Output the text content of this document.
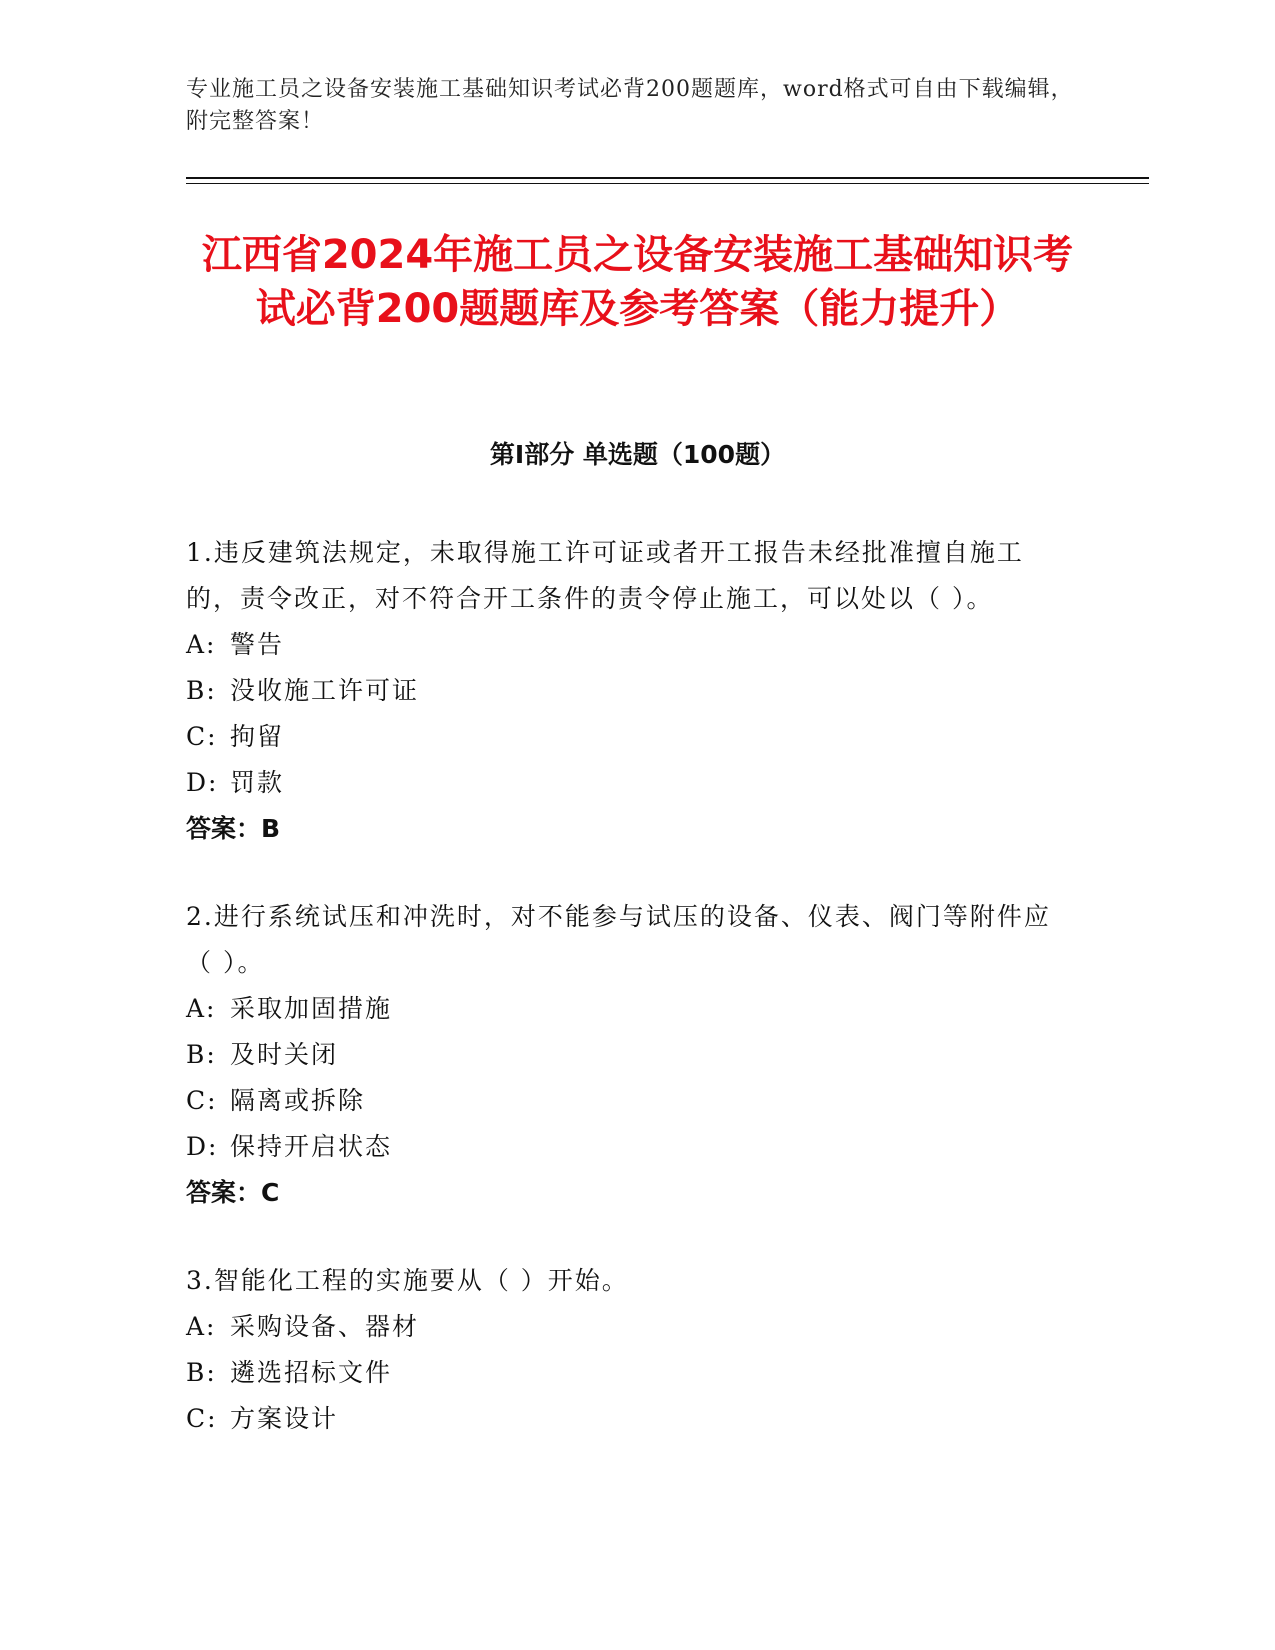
专业施工员之设备安装施工基础知识考试必背200题题库，word格式可自由下载编辑，附完整答案！
江西省2024年施工员之设备安装施工基础知识考试必背200题题库及参考答案（能力提升）
第I部分 单选题（100题）

1.违反建筑法规定，未取得施工许可证或者开工报告未经批准擅自施工的，责令改正，对不符合开工条件的责令停止施工，可以处以（ ）。

A: 警告
B: 没收施工许可证
C: 拘留
D: 罚款

答案：B

2.进行系统试压和冲洗时，对不能参与试压的设备、仪表、阀门等附件应（ ）。

A: 采取加固措施
B: 及时关闭
C: 隔离或拆除
D: 保持开启状态

答案：C

3.智能化工程的实施要从（ ）开始。

A: 采购设备、器材
B: 遴选招标文件
C: 方案设计
